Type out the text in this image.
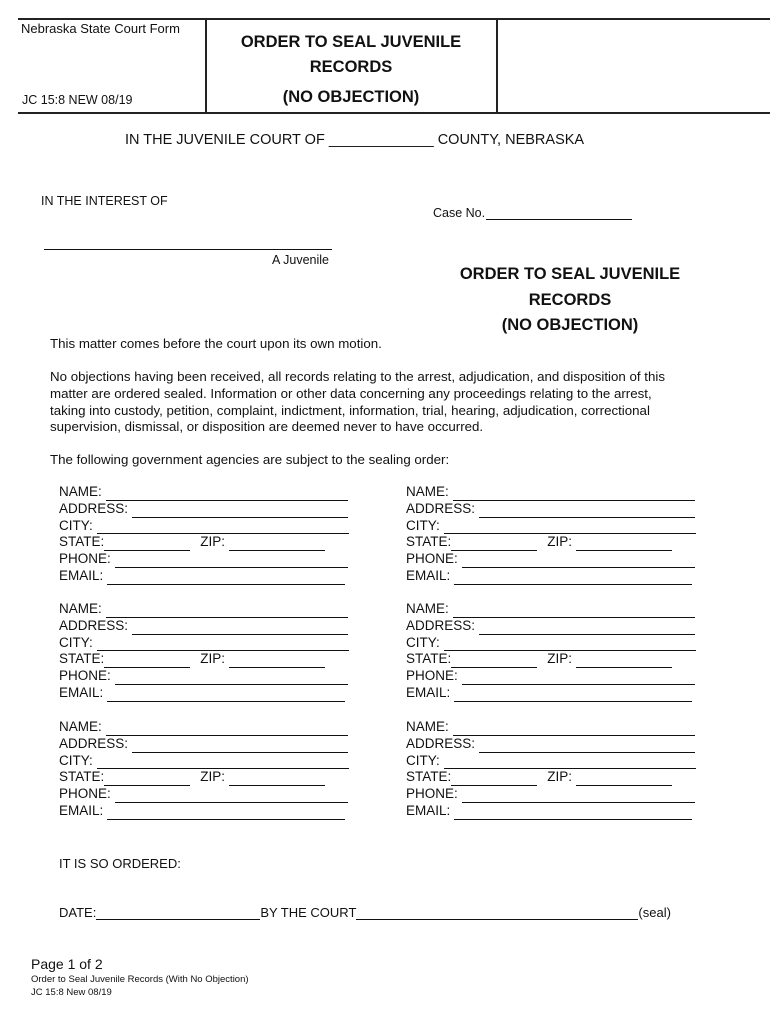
Nebraska State Court Form
JC 15:8 NEW 08/19
ORDER TO SEAL JUVENILE
RECORDS
(NO OBJECTION)
IN THE JUVENILE COURT OF _____________ COUNTY, NEBRASKA
IN THE INTEREST OF
Case No.
A Juvenile
ORDER TO SEAL JUVENILE
RECORDS
(NO OBJECTION)
This matter comes before the court upon its own motion.
No objections having been received, all records relating to the arrest, adjudication, and disposition of this
matter are ordered sealed. Information or other data concerning any proceedings relating to the arrest,
taking into custody, petition, complaint, indictment, information, trial, hearing, adjudication, correctional
supervision, dismissal, or disposition are deemed never to have occurred.
The following government agencies are subject to the sealing order:
NAME:
ADDRESS:
CITY:
STATE:	ZIP:
PHONE:
EMAIL:
NAME:
ADDRESS:
CITY:
STATE:	ZIP:
PHONE:
EMAIL:
NAME:
ADDRESS:
CITY:
STATE:	ZIP:
PHONE:
EMAIL:
NAME:
ADDRESS:
CITY:
STATE:	ZIP:
PHONE:
EMAIL:
NAME:
ADDRESS:
CITY:
STATE:	ZIP:
PHONE:
EMAIL:
NAME:
ADDRESS:
CITY:
STATE:	ZIP:
PHONE:
EMAIL:
IT IS SO ORDERED:
DATE:	BY THE COURT	(seal)
Page 1 of 2
Order to Seal Juvenile Records (With No Objection)
JC 15:8 New 08/19
